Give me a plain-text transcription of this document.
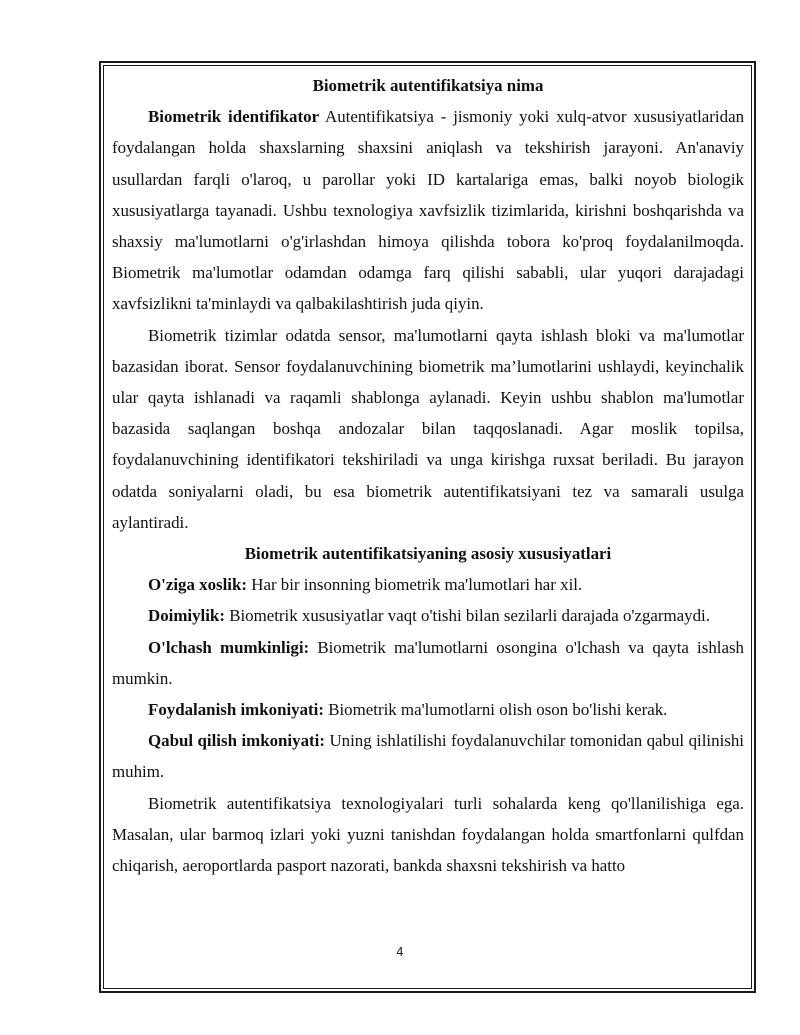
Biometrik autentifikatsiya nima

Biometrik identifikator Autentifikatsiya - jismoniy yoki xulq-atvor xususiyatlaridan foydalangan holda shaxslarning shaxsini aniqlash va tekshirish jarayoni. An'anaviy usullardan farqli o'laroq, u parollar yoki ID kartalariga emas, balki noyob biologik xususiyatlarga tayanadi. Ushbu texnologiya xavfsizlik tizimlarida, kirishni boshqarishda va shaxsiy ma'lumotlarni o'g'irlashdan himoya qilishda tobora ko'proq foydalanilmoqda. Biometrik ma'lumotlar odamdan odamga farq qilishi sababli, ular yuqori darajadagi xavfsizlikni ta'minlaydi va qalbakilashtirish juda qiyin.

Biometrik tizimlar odatda sensor, ma'lumotlarni qayta ishlash bloki va ma'lumotlar bazasidan iborat. Sensor foydalanuvchining biometrik ma’lumotlarini ushlaydi, keyinchalik ular qayta ishlanadi va raqamli shablonga aylanadi. Keyin ushbu shablon ma'lumotlar bazasida saqlangan boshqa andozalar bilan taqqoslanadi. Agar moslik topilsa, foydalanuvchining identifikatori tekshiriladi va unga kirishga ruxsat beriladi. Bu jarayon odatda soniyalarni oladi, bu esa biometrik autentifikatsiyani tez va samarali usulga aylantiradi.

Biometrik autentifikatsiyaning asosiy xususiyatlari

O'ziga xoslik: Har bir insonning biometrik ma'lumotlari har xil.

Doimiylik: Biometrik xususiyatlar vaqt o'tishi bilan sezilarli darajada o'zgarmaydi.

O'lchash mumkinligi: Biometrik ma'lumotlarni osongina o'lchash va qayta ishlash mumkin.

Foydalanish imkoniyati: Biometrik ma'lumotlarni olish oson bo'lishi kerak.

Qabul qilish imkoniyati: Uning ishlatilishi foydalanuvchilar tomonidan qabul qilinishi muhim.

Biometrik autentifikatsiya texnologiyalari turli sohalarda keng qo'llanilishiga ega. Masalan, ular barmoq izlari yoki yuzni tanishdan foydalangan holda smartfonlarni qulfdan chiqarish, aeroportlarda pasport nazorati, bankda shaxsni tekshirish va hatto

4
